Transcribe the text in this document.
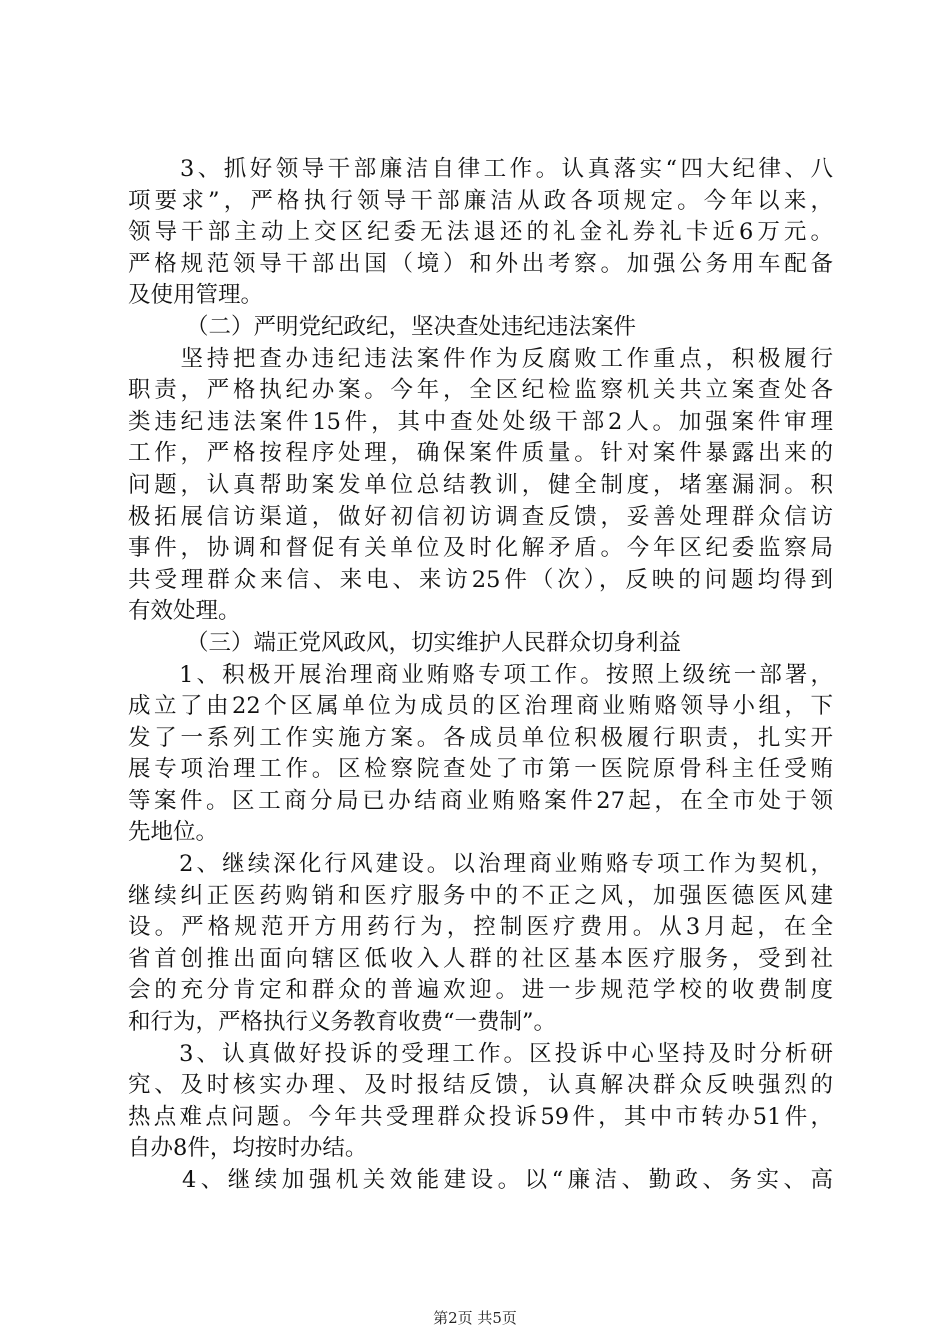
　　3、抓好领导干部廉洁自律工作。认真落实“四大纪律、八
项要求”，严格执行领导干部廉洁从政各项规定。今年以来，
领导干部主动上交区纪委无法退还的礼金礼券礼卡近6万元。
严格规范领导干部出国（境）和外出考察。加强公务用车配备
及使用管理。
（二）严明党纪政纪，坚决查处违纪违法案件
　　坚持把查办违纪违法案件作为反腐败工作重点，积极履行
职责，严格执纪办案。今年，全区纪检监察机关共立案查处各
类违纪违法案件15件，其中查处处级干部2人。加强案件审理
工作，严格按程序处理，确保案件质量。针对案件暴露出来的
问题，认真帮助案发单位总结教训，健全制度，堵塞漏洞。积
极拓展信访渠道，做好初信初访调查反馈，妥善处理群众信访
事件，协调和督促有关单位及时化解矛盾。今年区纪委监察局
共受理群众来信、来电、来访25件（次），反映的问题均得到
有效处理。
（三）端正党风政风，切实维护人民群众切身利益
　　1、积极开展治理商业贿赂专项工作。按照上级统一部署，
成立了由22个区属单位为成员的区治理商业贿赂领导小组，下
发了一系列工作实施方案。各成员单位积极履行职责，扎实开
展专项治理工作。区检察院查处了市第一医院原骨科主任受贿
等案件。区工商分局已办结商业贿赂案件27起，在全市处于领
先地位。
　　2、继续深化行风建设。以治理商业贿赂专项工作为契机，
继续纠正医药购销和医疗服务中的不正之风，加强医德医风建
设。严格规范开方用药行为，控制医疗费用。从3月起，在全
省首创推出面向辖区低收入人群的社区基本医疗服务，受到社
会的充分肯定和群众的普遍欢迎。进一步规范学校的收费制度
和行为，严格执行义务教育收费“一费制”。
　　3、认真做好投诉的受理工作。区投诉中心坚持及时分析研
究、及时核实办理、及时报结反馈，认真解决群众反映强烈的
热点难点问题。今年共受理群众投诉59件，其中市转办51件，
自办8件，均按时办结。
　　4、继续加强机关效能建设。以“廉洁、勤政、务实、高
第2页 共5页
